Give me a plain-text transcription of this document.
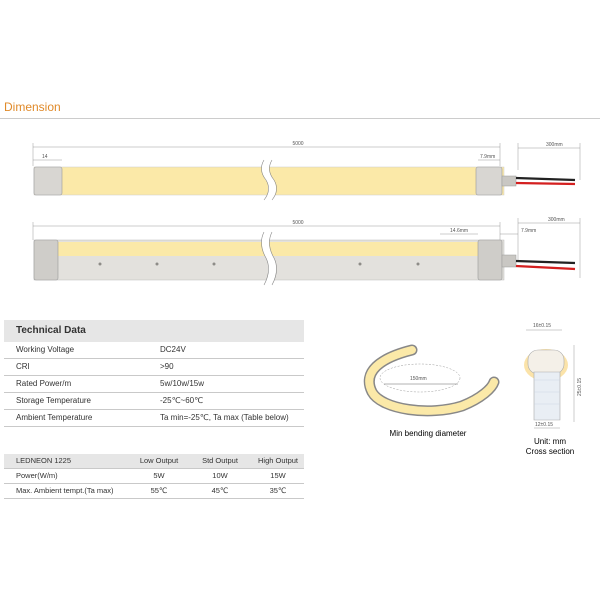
Dimension
5000
14	7.9mm
300mm
5000
14.6mm	7.9mm
300mm
150mm
Min bending diameter
16±0.15
25±0.15
12±0.15
Unit: mm
Cross section
Technical Data
Working Voltage	DC24V
CRI	>90
Rated Power/m	5w/10w/15w
Storage Temperature	-25℃~60℃
Ambient Temperature	Ta min=-25℃, Ta max (Table below)
LEDNEON 1225	Low Output	Std Output	High Output
Power(W/m)	5W	10W	15W
Max. Ambient tempt.(Ta max)	55℃	45℃	35℃
